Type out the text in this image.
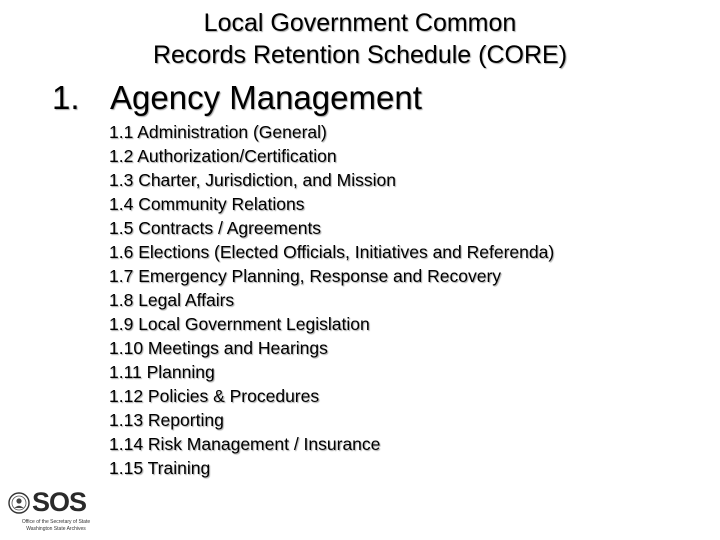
Local Government Common
Records Retention Schedule (CORE)
1. Agency Management
1.1 Administration (General)
1.2 Authorization/Certification
1.3 Charter, Jurisdiction, and Mission
1.4 Community Relations
1.5 Contracts / Agreements
1.6 Elections (Elected Officials, Initiatives and Referenda)
1.7 Emergency Planning, Response and Recovery
1.8 Legal Affairs
1.9 Local Government Legislation
1.10 Meetings and Hearings
1.11 Planning
1.12 Policies & Procedures
1.13 Reporting
1.14 Risk Management / Insurance
1.15 Training
SOS
Office of the Secretary of State
Washington State Archives
